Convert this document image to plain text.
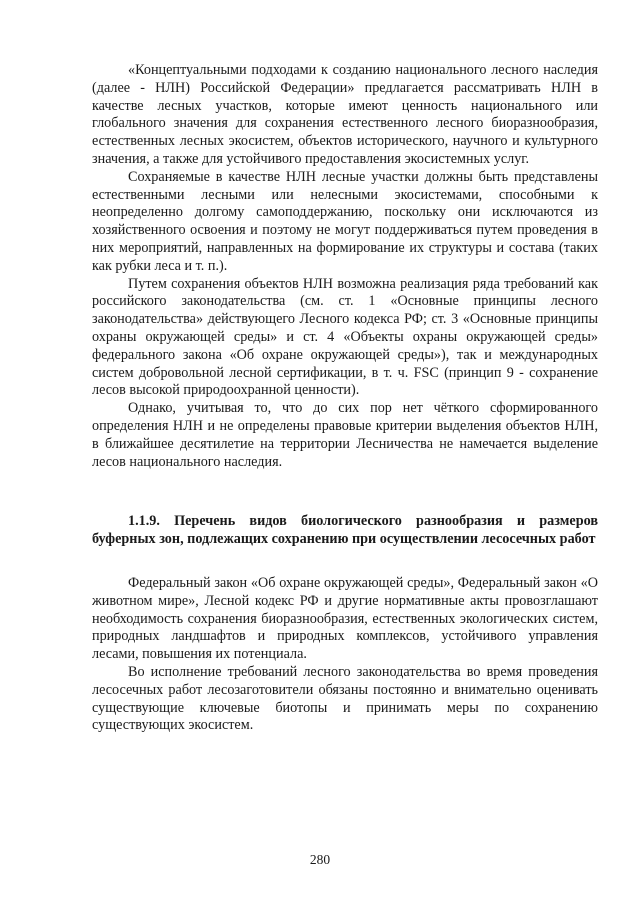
«Концептуальными подходами к созданию национального лесного наследия (далее - НЛН) Российской Федерации» предлагается рассматривать НЛН в качестве лесных участков, которые имеют ценность национального или глобального значения для сохранения естественного лесного биоразнообразия, естественных лесных экосистем, объектов исторического, научного и культурного значения, а также для устойчивого предоставления экосистемных услуг.

Сохраняемые в качестве НЛН лесные участки должны быть представлены естественными лесными или нелесными экосистемами, способными к неопределенно долгому самоподдержанию, поскольку они исключаются из хозяйственного освоения и поэтому не могут поддерживаться путем проведения в них мероприятий, направленных на формирование их структуры и состава (таких как рубки леса и т. п.).

Путем сохранения объектов НЛН возможна реализация ряда требований как российского законодательства (см. ст. 1 «Основные принципы лесного законодательства» действующего Лесного кодекса РФ; ст. 3 «Основные принципы охраны окружающей среды» и ст. 4 «Объекты охраны окружающей среды» федерального закона «Об охране окружающей среды»), так и международных систем добровольной лесной сертификации, в т. ч. FSC (принцип 9 - сохранение лесов высокой природоохранной ценности).

Однако, учитывая то, что до сих пор нет чёткого сформированного определения НЛН и не определены правовые критерии выделения объектов НЛН, в ближайшее десятилетие на территории Лесничества не намечается выделение лесов национального наследия.

1.1.9. Перечень видов биологического разнообразия и размеров буферных зон, подлежащих сохранению при осуществлении лесосечных работ

Федеральный закон «Об охране окружающей среды», Федеральный закон «О животном мире», Лесной кодекс РФ и другие нормативные акты провозглашают необходимость сохранения биоразнообразия, естественных экологических систем, природных ландшафтов и природных комплексов, устойчивого управления лесами, повышения их потенциала.

Во исполнение требований лесного законодательства во время проведения лесосечных работ лесозаготовители обязаны постоянно и внимательно оценивать существующие ключевые биотопы и принимать меры по сохранению существующих экосистем.

280
